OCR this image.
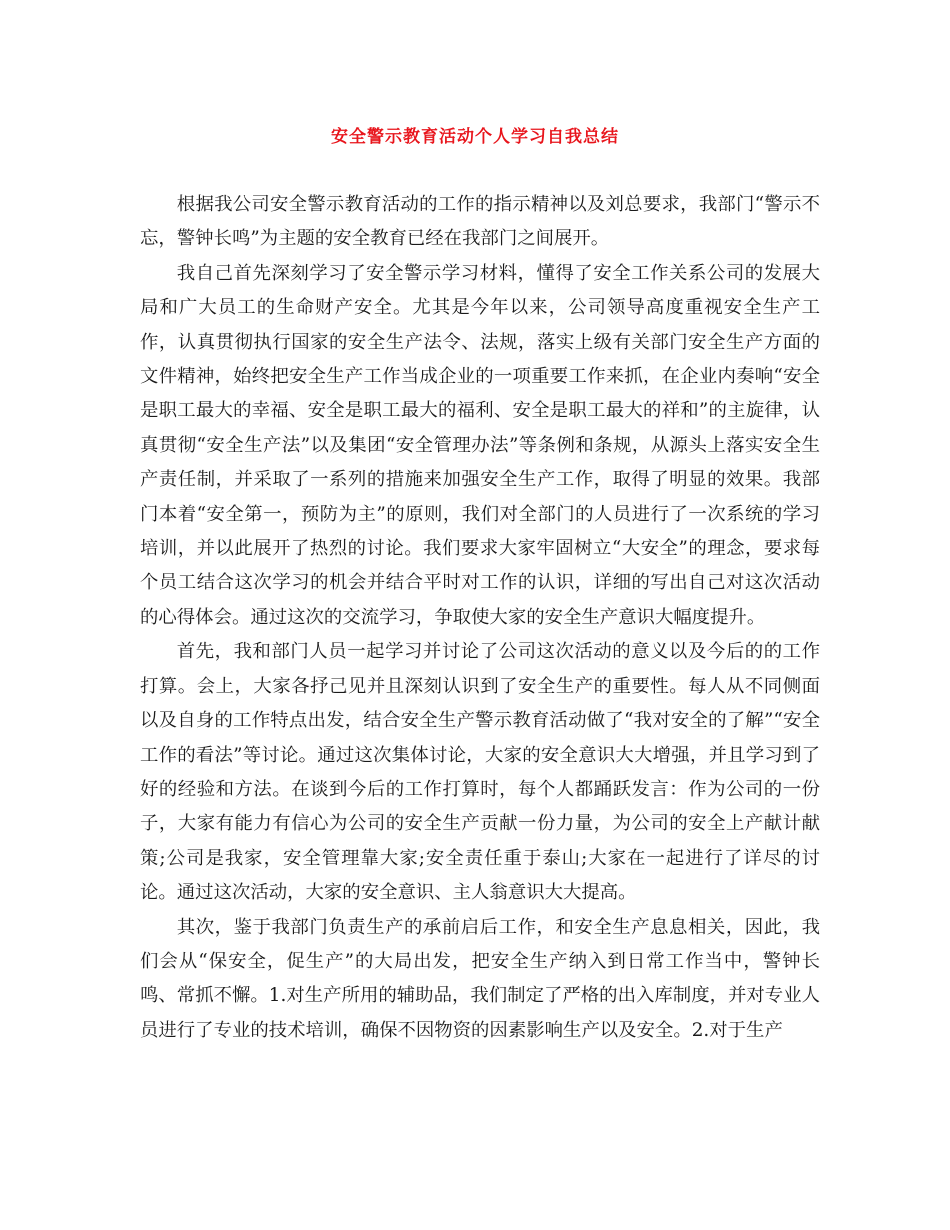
安全警示教育活动个人学习自我总结

根据我公司安全警示教育活动的工作的指示精神以及刘总要求，我部门“警示不忘，警钟长鸣”为主题的安全教育已经在我部门之间展开。

我自己首先深刻学习了安全警示学习材料，懂得了安全工作关系公司的发展大局和广大员工的生命财产安全。尤其是今年以来，公司领导高度重视安全生产工作，认真贯彻执行国家的安全生产法令、法规，落实上级有关部门安全生产方面的文件精神，始终把安全生产工作当成企业的一项重要工作来抓，在企业内奏响“安全是职工最大的幸福、安全是职工最大的福利、安全是职工最大的祥和”的主旋律，认真贯彻“安全生产法”以及集团“安全管理办法”等条例和条规，从源头上落实安全生产责任制，并采取了一系列的措施来加强安全生产工作，取得了明显的效果。我部门本着“安全第一，预防为主”的原则，我们对全部门的人员进行了一次系统的学习培训，并以此展开了热烈的讨论。我们要求大家牢固树立“大安全”的理念，要求每个员工结合这次学习的机会并结合平时对工作的认识，详细的写出自己对这次活动的心得体会。通过这次的交流学习，争取使大家的安全生产意识大幅度提升。

首先，我和部门人员一起学习并讨论了公司这次活动的意义以及今后的的工作打算。会上，大家各抒己见并且深刻认识到了安全生产的重要性。每人从不同侧面以及自身的工作特点出发，结合安全生产警示教育活动做了“我对安全的了解”“安全工作的看法”等讨论。通过这次集体讨论，大家的安全意识大大增强，并且学习到了好的经验和方法。在谈到今后的工作打算时，每个人都踊跃发言：作为公司的一份子，大家有能力有信心为公司的安全生产贡献一份力量，为公司的安全上产献计献策;公司是我家，安全管理靠大家;安全责任重于泰山;大家在一起进行了详尽的讨论。通过这次活动，大家的安全意识、主人翁意识大大提高。

其次，鉴于我部门负责生产的承前启后工作，和安全生产息息相关，因此，我们会从“保安全，促生产”的大局出发，把安全生产纳入到日常工作当中，警钟长鸣、常抓不懈。1.对生产所用的辅助品，我们制定了严格的出入库制度，并对专业人员进行了专业的技术培训，确保不因物资的因素影响生产以及安全。2.对于生产
